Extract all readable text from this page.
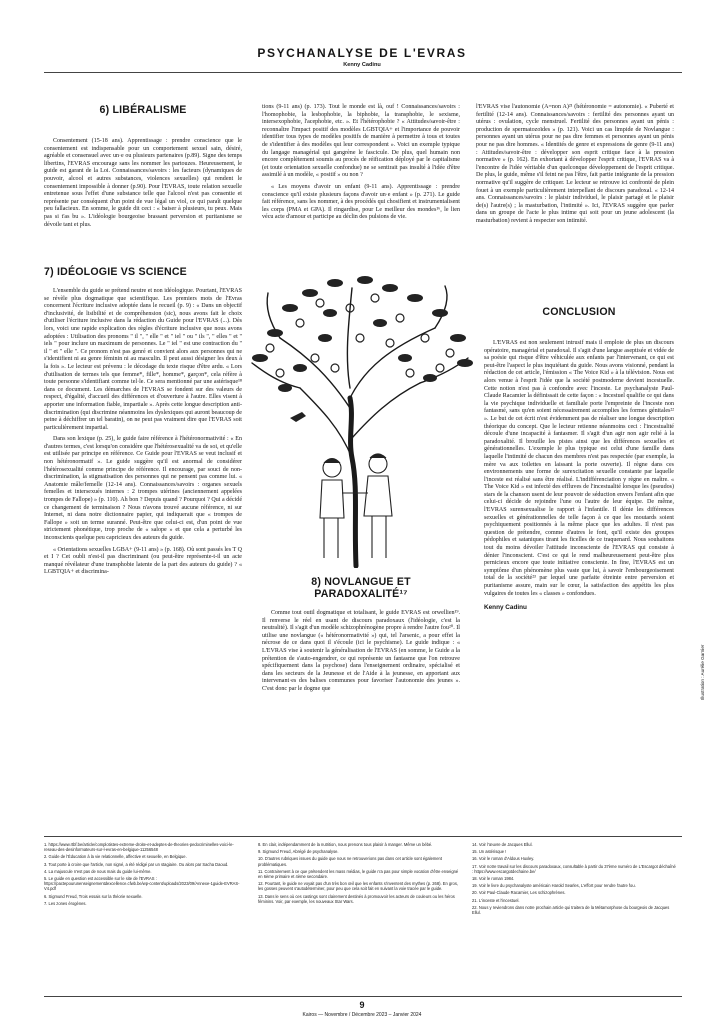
PSYCHANALYSE DE L'EVRAS
Kenny Cadinu
6) LIBÉRALISME

Consentement (15-18 ans). Apprentissage : prendre conscience que le consentement est indispensable pour un comportement sexuel sain, désiré, agréable et consensuel avec un·e ou plusieurs partenaires (p.89). Signe des temps libertins, l'EVRAS encourage sans les nommer les partouzes. Heureusement, le guide est garant de la Loi. Connaissances/savoirs : les facteurs (dynamiques de pouvoir, alcool et autres substances, violences sexuelles) qui rendent le consentement impossible à donner (p.90). Pour l'EVRAS, toute relation sexuelle entretenue sous l'effet d'une substance telle que l'alcool n'est pas consentie et représente par conséquent d'un point de vue légal un viol, ce qui paraît quelque peu fallacieux. En somme, le guide dit ceci : « baiser à plusieurs, tu peux. Mais pas si t'as bu ». L'idéologie bourgeoise brassant perversion et puritanisme se dévoile tant et plus.

7) IDÉOLOGIE VS SCIENCE

L'ensemble du guide se prétend neutre et non idéologique. Pourtant, l'EVRAS se révèle plus dogmatique que scientifique. Les premiers mots de l'Evras concernent l'écriture inclusive adoptée dans le recueil (p. 9) : « Dans un objectif d'inclusivité, de lisibilité et de compréhension (sic), nous avons fait le choix d'utiliser l'écriture inclusive dans la rédaction du Guide pour l'EVRAS (...). Dès lors, voici une rapide explication des règles d'écriture inclusive que nous avons adoptées : Utilisation des pronoms " il ", " elle " et " iel " ou " ils ", " elles " et " iels " pour inclure un maximum de personnes. Le " iel " est une contraction du " il " et " elle ". Ce pronom n'est pas genré et convient alors aux personnes qui ne s'identifient ni au genre féminin ni au masculin. Il peut aussi désigner les deux à la fois ». Le lecteur est prévenu : le décodage du texte risque d'être ardu. « Lors d'utilisation de termes tels que femme*, fille*, homme*, garçon*, cela réfère à toute personne s'identifiant comme tel·le. Ce sera mentionné par une astérisque¹⁸ dans ce document. Les démarches de l'EVRAS se fondent sur des valeurs de respect, d'égalité, d'accueil des différences et d'ouverture à l'autre. Elles visent à apporter une information fiable, impartiale ». Après cette longue description anti-discrimination (qui discrimine néanmoins les dyslexiques qui auront beaucoup de peine à déchiffrer un tel baratin), on ne peut pas vraiment dire que l'EVRAS soit particulièrement impartial.

Dans son lexique (p. 25), le guide faire référence à l'hétéronormativité : « En d'autres termes, c'est lorsqu'on considère que l'hétérosexualité va de soi, et qu'elle est utilisée par principe en référence. Ce Guide pour l'EVRAS se veut inclusif et non hétéronormatif ». Le guide suggère qu'il est anormal de considérer l'hétérosexualité comme principe de référence. Il encourage, par souci de non-discrimination, la stigmatisation des personnes qui ne pensent pas comme lui. « Anatomie mâle/femelle (12-14 ans). Connaissances/savoirs : organes sexuels femelles et intersexués internes : 2 trompes utérines (anciennement appelées trompes de Fallope) » (p. 110). Ah bon ? Depuis quand ? Pourquoi ? Qui a décidé ce changement de terminaison ? Nous n'avons trouvé aucune référence, ni sur Internet, ni dans notre dictionnaire papier, qui indiquerait que « trompes de Fallope » soit un terme suranné. Peut-être que celui-ci est, d'un point de vue strictement phonétique, trop proche de « salope » et que cela a perturbé les inconscients quelque peu capricieux des auteurs du guide.

« Orientations sexuelles LGBA+ (9-11 ans) » (p. 168). Où sont passés les T Q et I ? Cet oubli n'est-il pas discriminant (ou peut-être représente-t-il un acte manqué révélateur d'une transphobie latente de la part des auteurs du guide) ? « LGBTQIA+ et discrimina-

tions (9-11 ans) (p. 173). Tout le monde est là, ouf ! Connaissances/savoirs : l'homophobie, la lesbophobie, la biphobie, la transphobie, le sexisme, intersexophobie, l'acephobie, etc. ». Et l'hétérophobie ? « Attitudes/savoir-être : reconnaître l'impact positif des modèles LGBTQIA+ et l'importance de pouvoir identifier tous types de modèles positifs de manière à permettre à tous et toutes de s'identifier à des modèles qui leur correspondent ». Voici un exemple typique du langage managérial qui gangrène le fascicule. De plus, quel humain non encore complètement soumis au procès de réification déployé par le capitalisme (et toute orientation sexuelle confondue) ne se sentirait pas insulté à l'idée d'être assimilé à un modèle, « positif » ou non ?

« Les moyens d'avoir un enfant (9-11 ans). Apprentissage : prendre conscience qu'il existe plusieurs façons d'avoir un·e enfant » (p. 271). Le guide fait référence, sans les nommer, à des procédés qui chosifient et instrumentalisent les corps (PMA et GPA). Il ringardise, pour Le meilleur des mondes¹⁶, le lien vécu acte d'amour et participe au déclin des pulsions de vie.

8) NOVLANGUE ET PARADOXALITÉ¹⁷

Comme tout outil dogmatique et totalisant, le guide EVRAS est orwellien¹⁹. Il renverse le réel en usant de discours paradoxaux (l'idéologie, c'est la neutralité). Il s'agit d'un modèle schizophrénogène propre à rendre l'autre fou²⁰. Il utilise une novlangue (« hétéronormativité ») qui, tel l'arsenic, a pour effet la nécrose de ce dans quoi il s'écoule (ici le psychisme). Le guide indique : « L'EVRAS vise à soutenir la généralisation de l'EVRAS (en somme, le Guide a la prétention de s'auto-engendrer, ce qui représente un fantasme que l'on retrouve spécifiquement dans la psychose) dans l'enseignement ordinaire, spécialisé et dans les secteurs de la Jeunesse et de l'Aide à la jeunesse, en apportant aux intervenant·es des balises communes pour favoriser l'autonomie des jeunes ». C'est donc par le dogme que

l'EVRAS vise l'autonomie (A=non A)²¹ (hétéronomie = autonomie). « Puberté et fertilité (12-14 ans). Connaissances/savoirs : fertilité des personnes ayant un utérus : ovulation, cycle menstruel. Fertilité des personnes ayant un pénis : production de spermatozoïdes » (p. 121). Voici un cas limpide de Novlangue : personnes ayant un utérus pour ne pas dire femmes et personnes ayant un pénis pour ne pas dire hommes. « Identités de genre et expressions de genre (9-11 ans) : Attitudes/savoir-être : développer son esprit critique face à la pression normative » (p. 162). En exhortant à développer l'esprit critique, l'EVRAS va à l'encontre de l'idée véritable d'un quelconque développement de l'esprit critique. De plus, le guide, même s'il feint ne pas l'être, fait partie intégrante de la pression normative qu'il suggère de critiquer. Le lecteur se retrouve ici confronté de plein fouet à un exemple particulièrement interpellant de discours paradoxal. « 12-14 ans. Connaissances/savoirs : le plaisir individuel, le plaisir partagé et le plaisir de(s) l'autre(s) ; la masturbation, l'intimité ». Ici, l'EVRAS suggère que parler dans un groupe de l'acte le plus intime qui soit pour un jeune adolescent (la masturbation) revient à respecter son intimité.

CONCLUSION

L'EVRAS est non seulement intrusif mais il emploie de plus un discours opératoire, managérial et paradoxal. Il s'agit d'une langue aseptisée et vidée de sa poésie qui risque d'être véhiculée aux enfants par l'intervenant, ce qui est peut-être l'aspect le plus inquiétant du guide. Nous avons visionné, pendant la rédaction de cet article, l'émission « The Voice Kid » à la télévision. Nous est alors venue à l'esprit l'idée que la société postmoderne devient incestuelle. Cette notion n'est pas à confondre avec l'inceste. Le psychanalyste Paul-Claude Racamier la définissait de cette façon : « Incestuel qualifie ce qui dans la vie psychique individuelle et familiale porte l'empreinte de l'inceste non fantasmé, sans qu'en soient nécessairement accomplies les formes génitales²² ». Le but de cet écrit n'est évidemment pas de réaliser une longue description théorique du concept. Que le lecteur retienne néanmoins ceci : l'incestualité découle d'une incapacité à fantasmer. Il s'agit d'un agir non agir relié à la paradoxalité. Il brouille les pistes ainsi que les différences sexuelles et générationnelles. L'exemple le plus typique est celui d'une famille dans laquelle l'intimité de chacun des membres n'est pas respectée (par exemple, la mère va aux toilettes en laissant la porte ouverte). Il règne dans ces environnements une forme de surexcitation sexuelle constante par laquelle l'inceste est réalisé sans être réalisé. L'indifférenciation y règne en maître. « The Voice Kid » est infecté des effluves de l'incestualité lorsque les (pseudos) stars de la chanson usent de leur pouvoir de séduction envers l'enfant afin que celui-ci décide de rejoindre l'une ou l'autre de leur équipe. De même, l'EVRAS surensexualise le rapport à l'infantile. Il dénie les différences sexuelles et générationnelles de telle façon à ce que les moutards soient psychiquement positionnés à la même place que les adultes. Il n'est pas question de prétendre, comme d'autres le font, qu'il existe des groupes pédophiles et sataniques tirant les ficelles de ce traquenard. Nous souhaitons tout du moins dévoiler l'attitude inconsciente de l'EVRAS qui consiste à dénier l'inconscient. C'est ce qui le rend malheureusement peut-être plus pernicieux encore que toute initiative consciente. In fine, l'EVRAS est un symptôme d'un phénomène plus vaste que lui, à savoir l'embourgeoisement total de la société²³ par lequel une parfaite étreinte entre perversion et puritanisme assure, main sur le cœur, la satisfaction des appétits les plus vulgaires de toutes les « classes » confondues.

Kenny Cadinu
Illustration : Aurélie Garnier
1. https://www.rtbf.be/article/complotistes-extreme-droite-et-adeptes-de-theories-pedocriminelles-voici-le-reseau-des-desinformateurs-sur-l-evras-en-belgique-11256548
2. Guide de l'Éducation à la vie relationnelle, affective et sexuelle, en Belgique.
3. Tout porte à croire que l'article, non signé, a été rédigé par un stagiaire. Ou alors par Sacha Daoud.
4. La majuscule n'est pas de nous mais du guide lui-même.
5. Le guide en question est accessible sur le site de l'EVRAS : https://pactepourunenseignementdexcellence.cfwb.be/wp-content/uploads/2023/09/Annexe-1guide-EVRAS-V4.pdf
6. Sigmund Freud, Trois essais sur la théorie sexuelle.
7. Les zones érogènes.
8. En clair, indépendamment de la nutrition, nous prenons tous plaisir à manger. Même un bébé.
9. Sigmund Freud, Abrégé de psychanalyse.
10. D'autres rubriques issues du guide que nous ne retrouverions pas dans cet article sont également problématiques.
11. Contrairement à ce que prétendent les mass médias, le guide n'a pas pour simple vocation d'être enseigné en 6ème primaire et 4ème secondaire.
12. Pourtant, le guide ne voyait pas d'un très bon œil que les enfants s'inventent des mythes (p. 268). En gros, les gosses peuvent s'autodéterminer, pour peu que cela soit fait en suivant la voie tracée par le guide.
13. Dans le sens où ces castings sont clairement destinés à promouvoir les acteurs de couleurs ou les héros féminins. Voir, par exemple, les nouveaux Star Wars.
14. Voir l'œuvre de Jacques Ellul.
15. Un astérisque !
16. Voir le roman d'Aldous Huxley.
17. Voir notre travail sur les discours paradoxaux, consultable à partir du 37ème numéro de L'Escargot déchaîné : https://www.escargotdechaine.be/
18. Voir le roman 1984.
19. Voir le livre du psychanalyste américain Harold Searles, L'effort pour rendre l'autre fou.
20. Voir Paul-Claude Racamier, Les schizophrènes.
21. L'inceste et l'incestuel.
22. Nous y reviendrons dans notre prochain article qui traitera de la Métamorphose du bourgeois de Jacques Ellul.
9
Kairos — Novembre / Décembre 2023 – Janvier 2024
